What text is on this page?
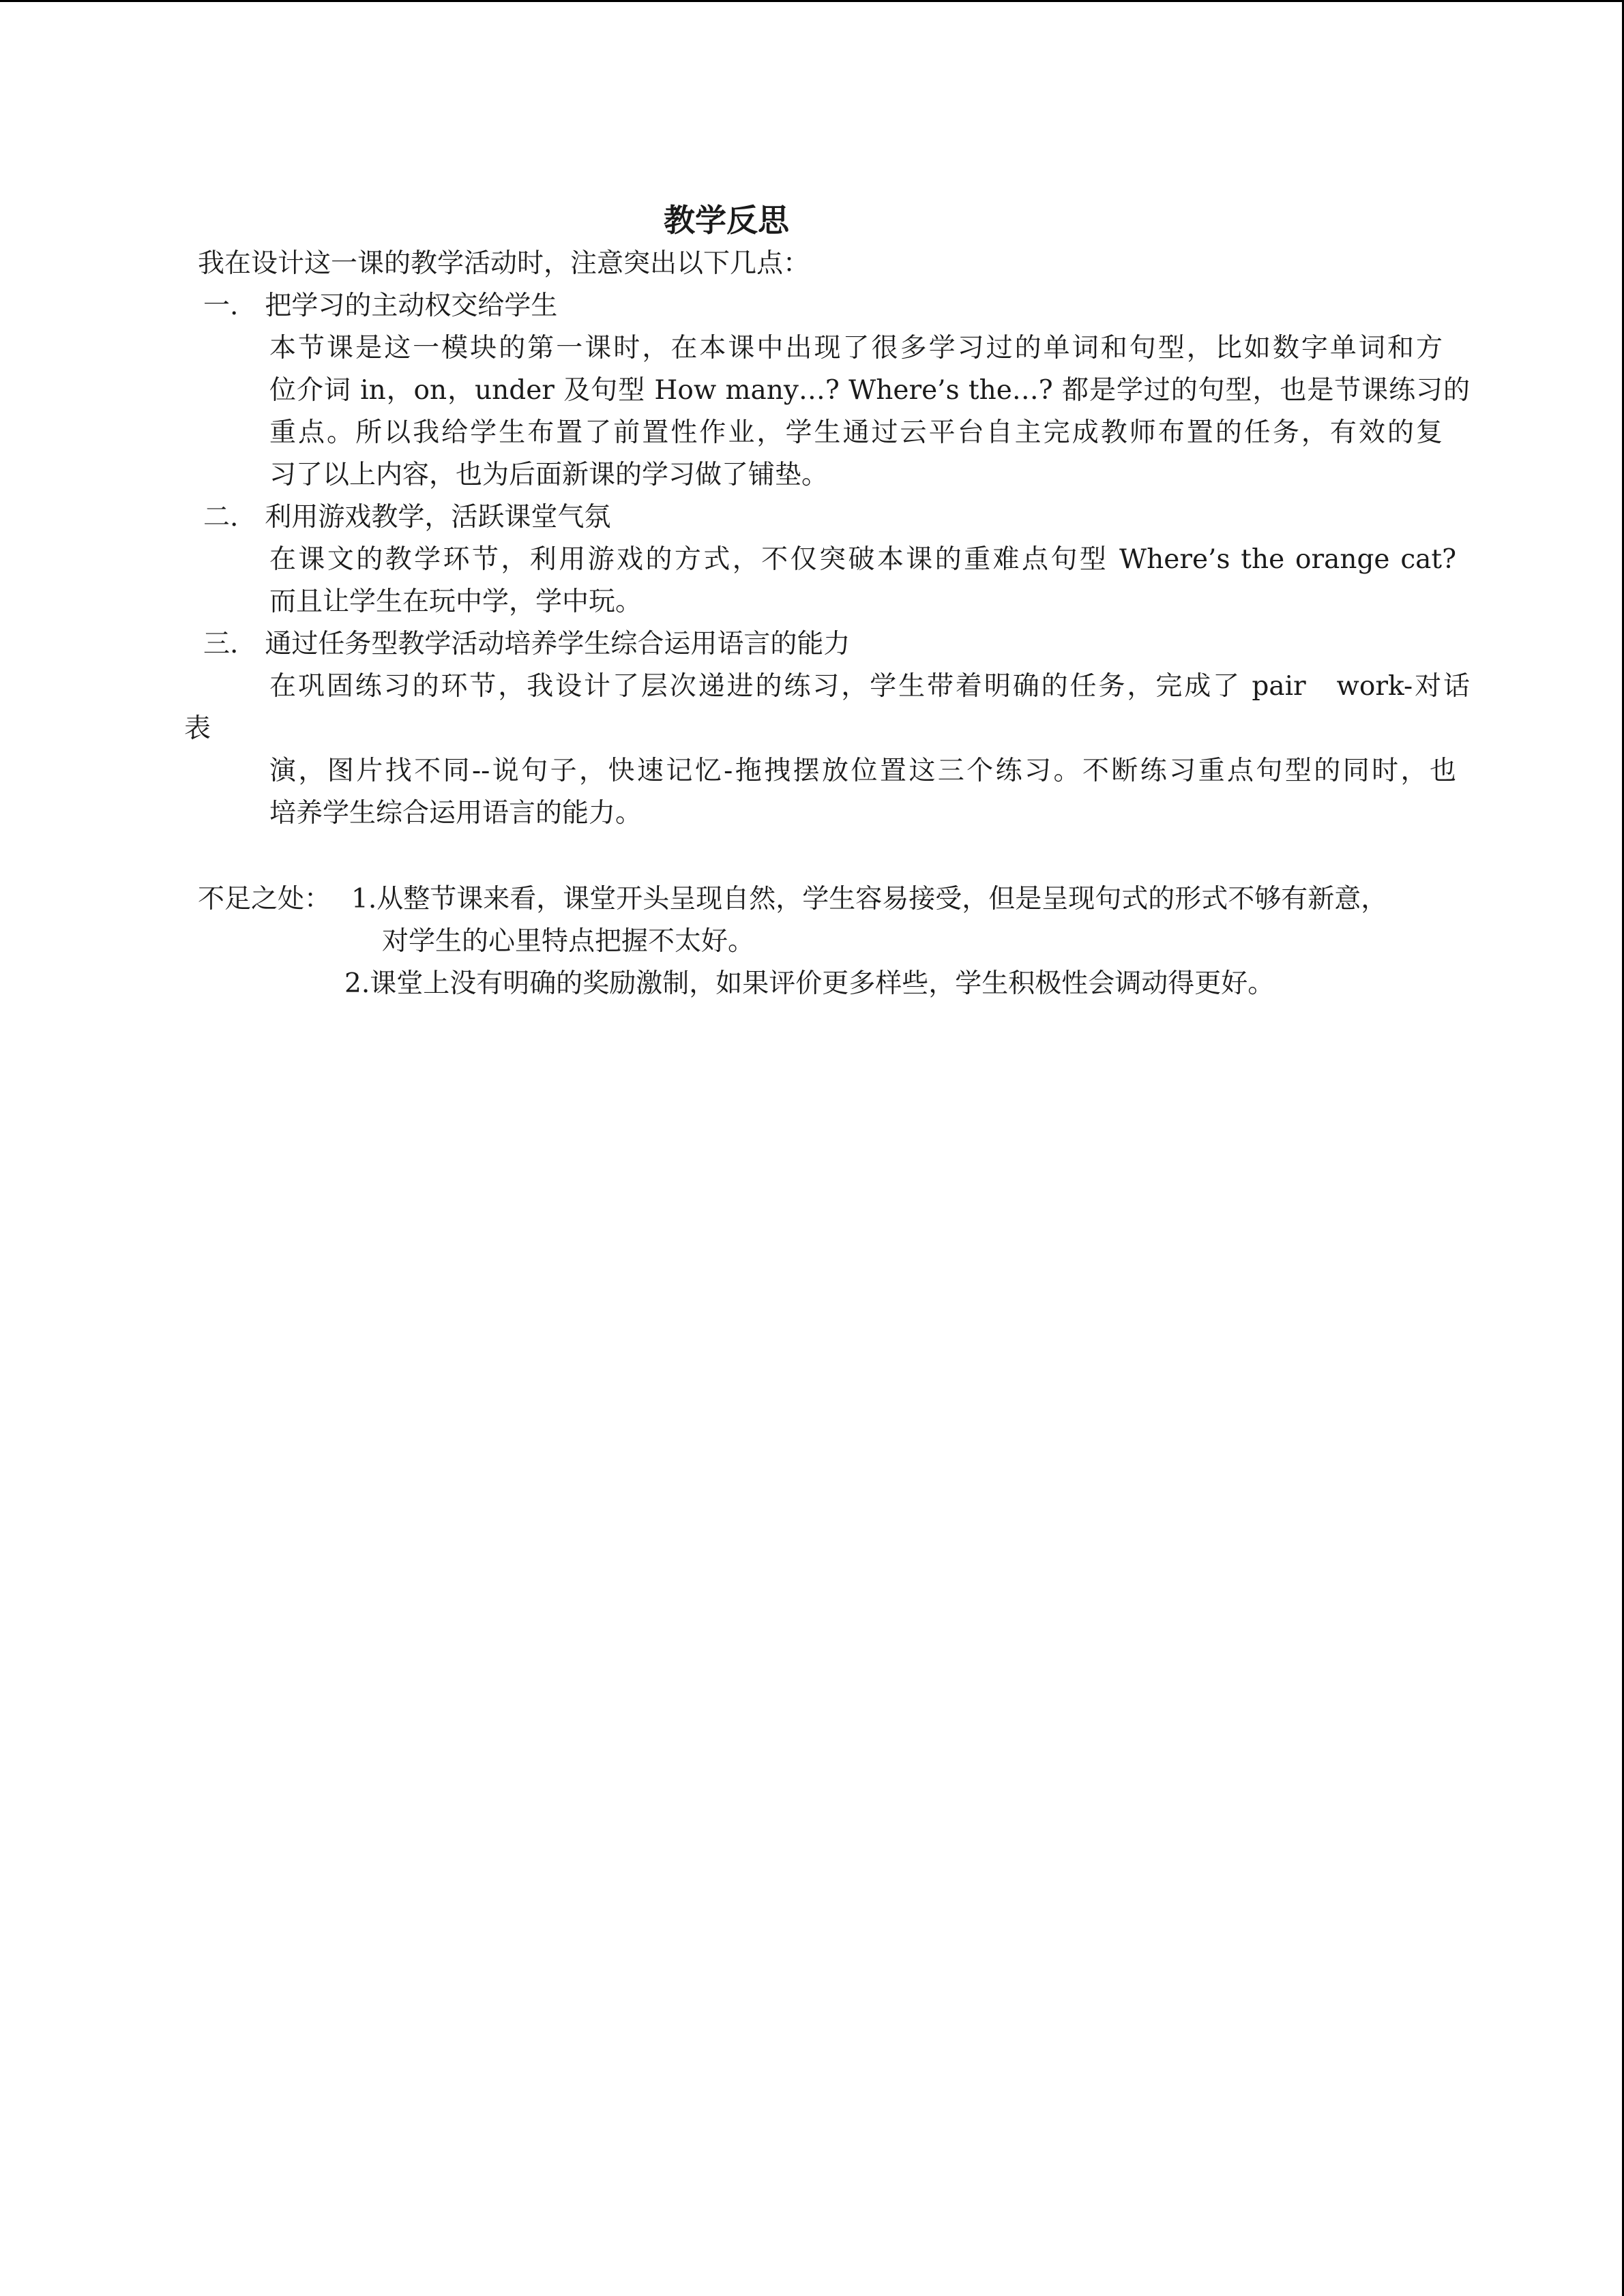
教学反思
我在设计这一课的教学活动时，注意突出以下几点：
一.　把学习的主动权交给学生
本节课是这一模块的第一课时，在本课中出现了很多学习过的单词和句型，比如数字单词和方
位介词 in，on，under 及句型 How many…? Where’s the…? 都是学过的句型，也是节课练习的
重点。所以我给学生布置了前置性作业，学生通过云平台自主完成教师布置的任务，有效的复
习了以上内容，也为后面新课的学习做了铺垫。
二.　利用游戏教学，活跃课堂气氛
在课文的教学环节，利用游戏的方式，不仅突破本课的重难点句型 Where’s the orange cat?
而且让学生在玩中学，学中玩。
三.　通过任务型教学活动培养学生综合运用语言的能力
在巩固练习的环节，我设计了层次递进的练习，学生带着明确的任务，完成了 pair　work-对话
表
演，图片找不同--说句子，快速记忆-拖拽摆放位置这三个练习。不断练习重点句型的同时，也
培养学生综合运用语言的能力。
不足之处： 1.从整节课来看，课堂开头呈现自然，学生容易接受，但是呈现句式的形式不够有新意，
对学生的心里特点把握不太好。
2.课堂上没有明确的奖励激制，如果评价更多样些，学生积极性会调动得更好。
